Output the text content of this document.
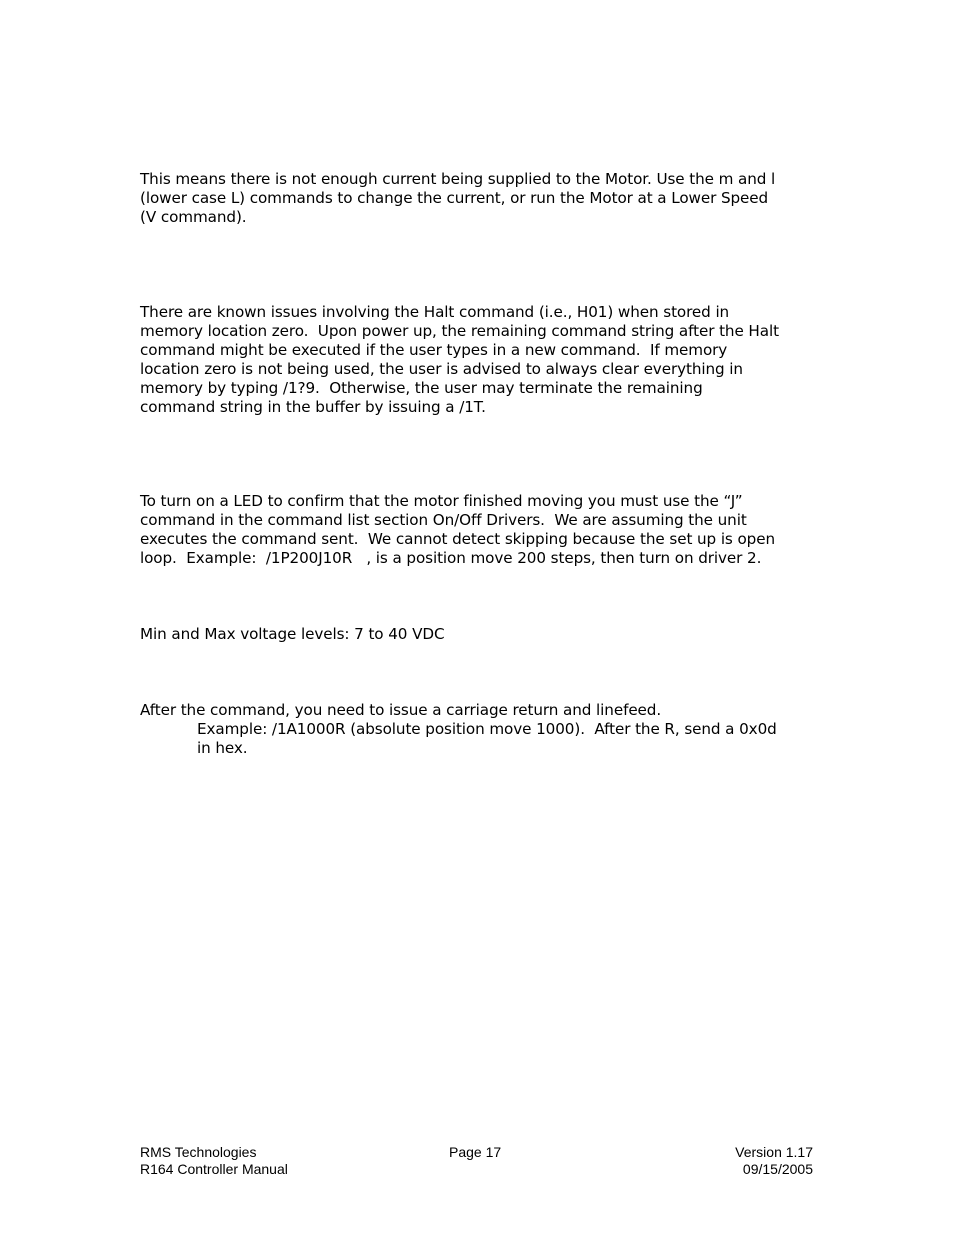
This means there is not enough current being supplied to the Motor. Use the m and l
(lower case L) commands to change the current, or run the Motor at a Lower Speed
(V command).

There are known issues involving the Halt command (i.e., H01) when stored in
memory location zero.  Upon power up, the remaining command string after the Halt
command might be executed if the user types in a new command.  If memory
location zero is not being used, the user is advised to always clear everything in
memory by typing /1?9.  Otherwise, the user may terminate the remaining
command string in the buffer by issuing a /1T.

To turn on a LED to confirm that the motor finished moving you must use the “J”
command in the command list section On/Off Drivers.  We are assuming the unit
executes the command sent.  We cannot detect skipping because the set up is open
loop.  Example:  /1P200J10R   , is a position move 200 steps, then turn on driver 2.

Min and Max voltage levels: 7 to 40 VDC

After the command, you need to issue a carriage return and linefeed.
Example: /1A1000R (absolute position move 1000).  After the R, send a 0x0d
in hex.

RMS Technologies
R164 Controller Manual
Page 17	Version 1.17
09/15/2005
